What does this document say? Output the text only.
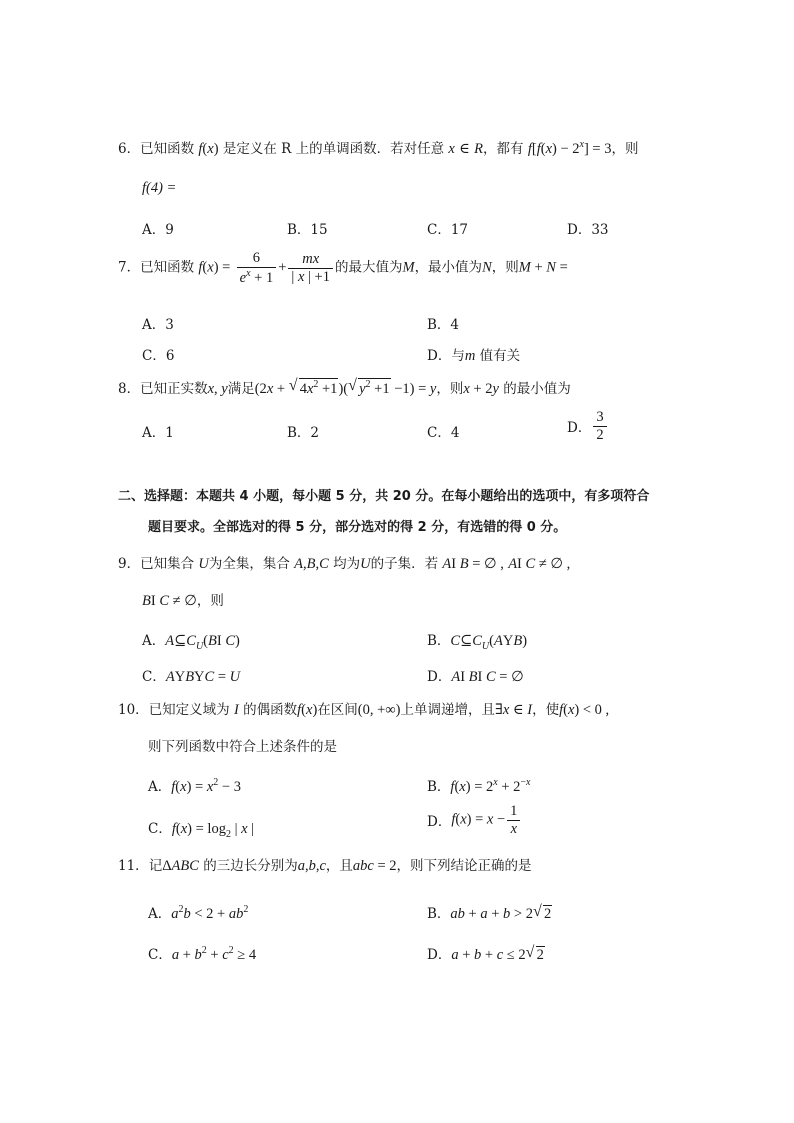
6．已知函数 f(x) 是定义在 R 上的单调函数．若对任意 x ∈ R，都有 $f[f(x) - 2^x] = 3$，则
f(4) =
A．9	B．15	C．17	D．33
7．已知函数 $f(x) = \frac{6}{e^x + 1} + \frac{mx}{| x | +1}$ 的最大值为M，最小值为N，则M + N =
A．3	B．4
C．6	D．与m 值有关
8．已知正实数x, y满足(2x + √ $4x^2 +1)(√$ $y^2 +1 -1) = y$，则x + 2y 的最小值为
A．1	B．2	C．4	D． $\frac{3}{2}$
二、选择题：本题共 4 小题，每小题 5 分，共 20 分。在每小题给出的选项中，有多项符合
题目要求。全部选对的得 5 分，部分选对的得 2 分，有选错的得 0 分。
9．已知集合 U为全集，集合 A,B,C 均为U的子集．若 AI B = ∅ , AI C ≠ ∅ ,
BI C ≠ ∅，则
A．$A⊆C_U(BI$ C)	B．$C⊆C_U(AYB)$
C．AYBYC = U	D．AI BI C = ∅
10．已知定义域为 I 的偶函数f(x)在区间(0, +∞)上单调递增，且∃x ∈ I，使f(x) < 0 ,
则下列函数中符合上述条件的是
A．$f(x) = x^2 - 3$	B．$f(x) = 2^x + 2^{-x}$
C．$f(x) = \log_2$ | x |	D．$f(x) = x - \frac{1}{x}$
11．记ΔABC 的三边长分别为a,b,c，且abc = 2，则下列结论正确的是
A．$a^2b < 2 + ab^2$	B．ab + a + b > 2√ 2
C．$a + b^2 + c^2 \ge 4$	D．a + b + c ≤ 2√ 2
